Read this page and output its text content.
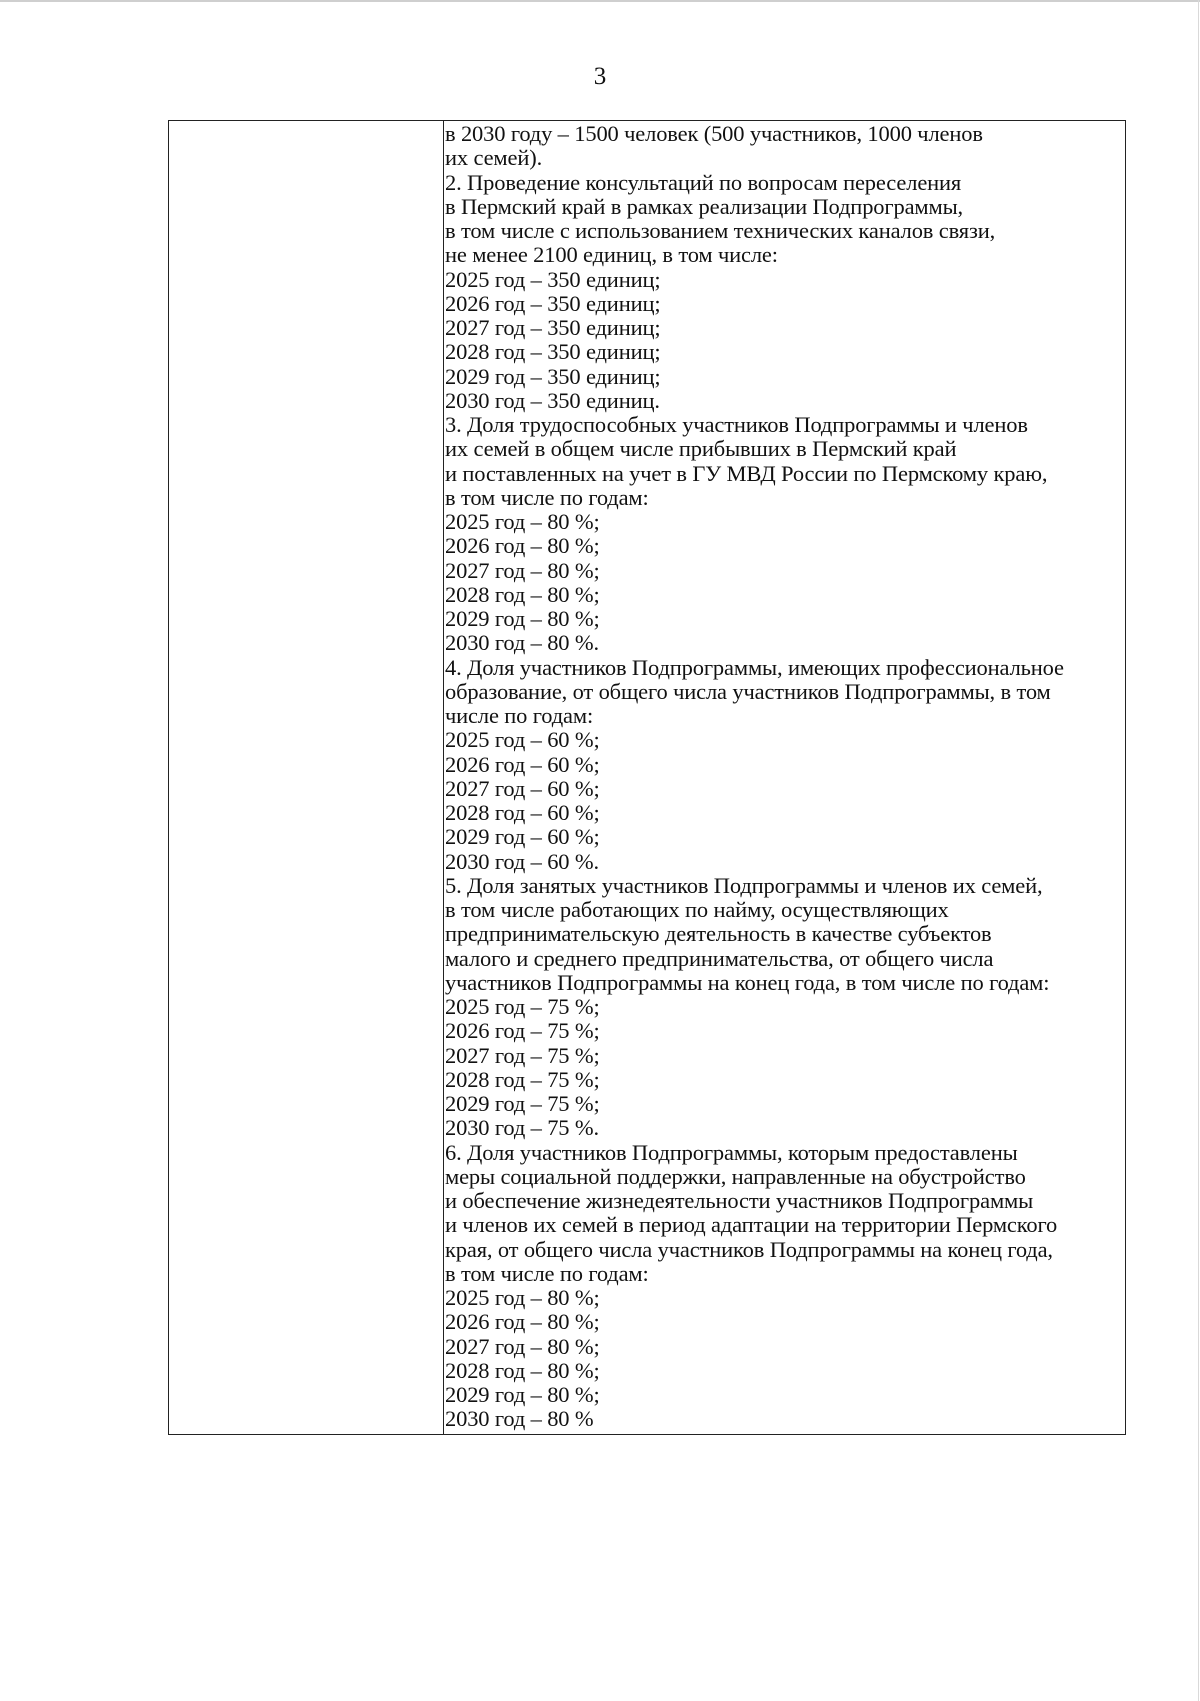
3

в 2030 году – 1500 человек (500 участников, 1000 членов
их семей).
2. Проведение консультаций по вопросам переселения
в Пермский край в рамках реализации Подпрограммы,
в том числе с использованием технических каналов связи,
не менее 2100 единиц, в том числе:
2025 год – 350 единиц;
2026 год – 350 единиц;
2027 год – 350 единиц;
2028 год – 350 единиц;
2029 год – 350 единиц;
2030 год – 350 единиц.
3. Доля трудоспособных участников Подпрограммы и членов
их семей в общем числе прибывших в Пермский край
и поставленных на учет в ГУ МВД России по Пермскому краю,
в том числе по годам:
2025 год – 80 %;
2026 год – 80 %;
2027 год – 80 %;
2028 год – 80 %;
2029 год – 80 %;
2030 год – 80 %.
4. Доля участников Подпрограммы, имеющих профессиональное
образование, от общего числа участников Подпрограммы, в том
числе по годам:
2025 год – 60 %;
2026 год – 60 %;
2027 год – 60 %;
2028 год – 60 %;
2029 год – 60 %;
2030 год – 60 %.
5. Доля занятых участников Подпрограммы и членов их семей,
в том числе работающих по найму, осуществляющих
предпринимательскую деятельность в качестве субъектов
малого и среднего предпринимательства, от общего числа
участников Подпрограммы на конец года, в том числе по годам:
2025 год – 75 %;
2026 год – 75 %;
2027 год – 75 %;
2028 год – 75 %;
2029 год – 75 %;
2030 год – 75 %.
6. Доля участников Подпрограммы, которым предоставлены
меры социальной поддержки, направленные на обустройство
и обеспечение жизнедеятельности участников Подпрограммы
и членов их семей в период адаптации на территории Пермского
края, от общего числа участников Подпрограммы на конец года,
в том числе по годам:
2025 год – 80 %;
2026 год – 80 %;
2027 год – 80 %;
2028 год – 80 %;
2029 год – 80 %;
2030 год – 80 %
